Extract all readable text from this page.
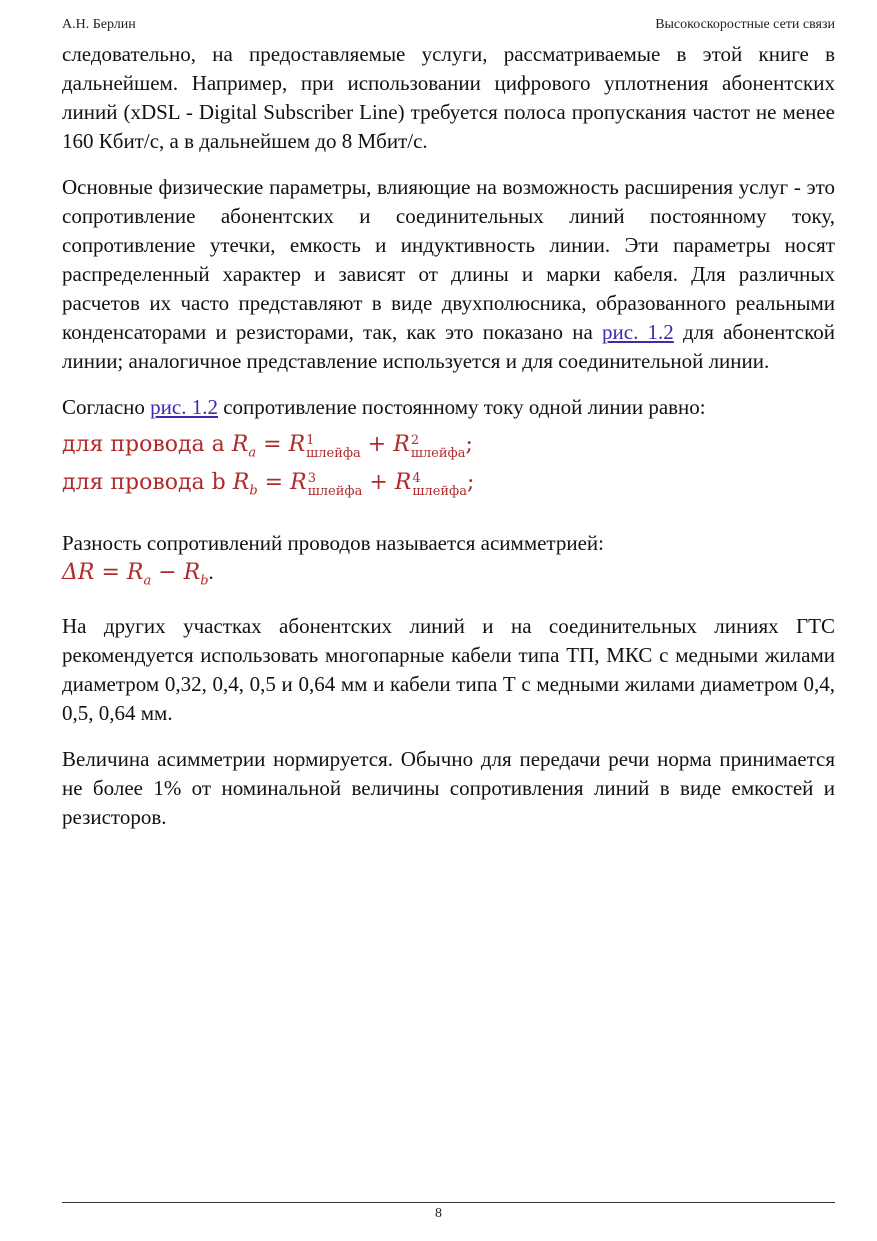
А.Н. Берлин	Высокоскоростные сети связи

следовательно, на предоставляемые услуги, рассматриваемые в этой книге в дальнейшем. Например, при использовании цифрового уплотнения абонентских линий (xDSL - Digital Subscriber Line) требуется полоса пропускания частот не менее 160 Кбит/с, а в дальнейшем до 8 Мбит/с.

Основные физические параметры, влияющие на возможность расширения услуг - это сопротивление абонентских и соединительных линий постоянному току, сопротивление утечки, емкость и индуктивность линии. Эти параметры носят распределенный характер и зависят от длины и марки кабеля. Для различных расчетов их часто представляют в виде двухполюсника, образованного реальными конденсаторами и резисторами, так, как это показано на рис. 1.2 для абонентской линии; аналогичное представление используется и для соединительной линии.

Согласно рис. 1.2 сопротивление постоянному току одной линии равно:

для провода a $R_a = R$ 1
шлейфа + R 2
шлейфа ;
для провода b $R_b = R$ 3
шлейфа + R 4
шлейфа ;

Разность сопротивлений проводов называется асимметрией:
$\Delta R = R_a - R_b$.

На других участках абонентских линий и на соединительных линиях ГТС рекомендуется использовать многопарные кабели типа ТП, МКС с медными жилами диаметром 0,32, 0,4, 0,5 и 0,64 мм и кабели типа Т с медными жилами диаметром 0,4, 0,5, 0,64 мм.

Величина асимметрии нормируется. Обычно для передачи речи норма принимается не более 1% от номинальной величины сопротивления линий в виде емкостей и резисторов.

8
